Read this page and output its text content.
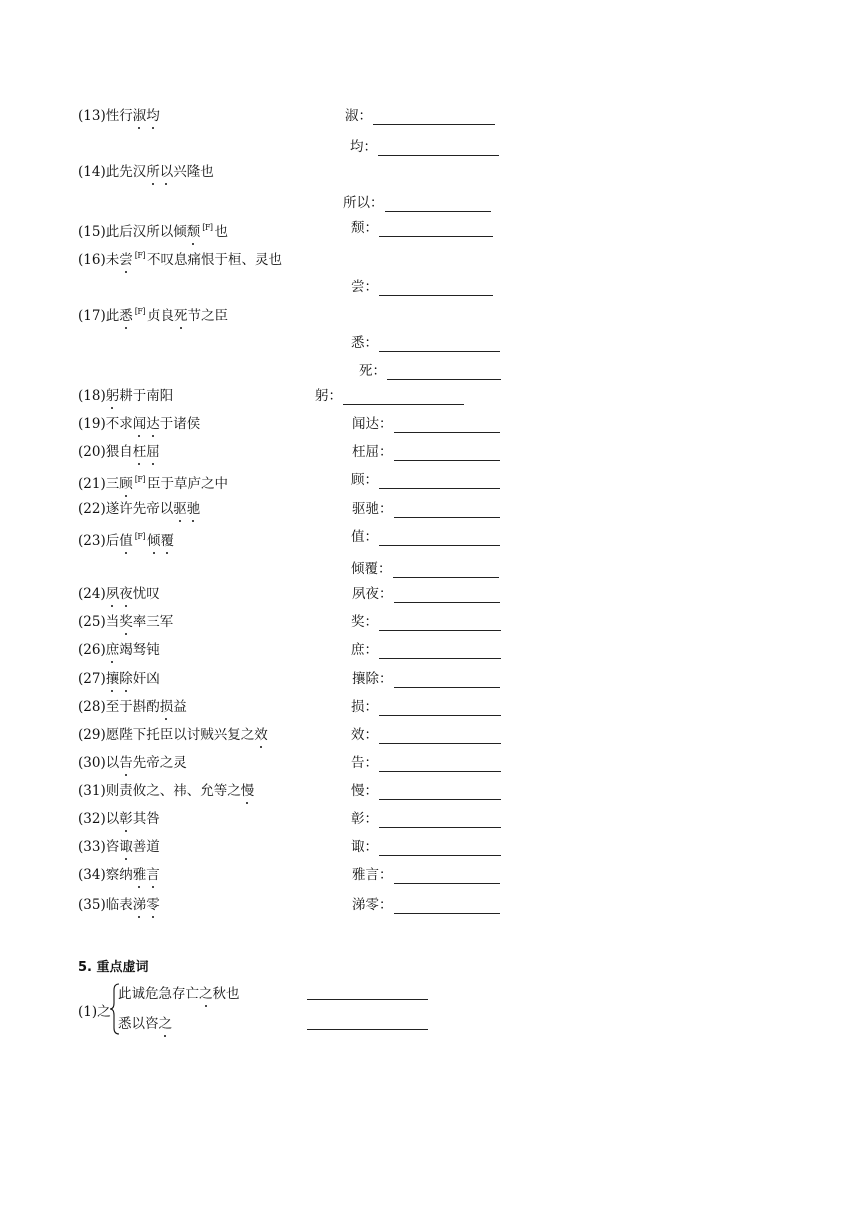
(13)性行淑均
(14)此先汉所以兴隆也
(15)此后汉所以倾颓 [F] 也
(16)未尝 [F] 不叹息痛恨于桓、灵也
(17)此悉 [F] 贞良死节之臣
(18)躬耕于南阳
(19)不求闻达于诸侯
(20)猥自枉屈
(21)三顾 [F] 臣于草庐之中
(22)遂许先帝以驱驰
(23)后值 [F] 倾覆
(24)夙夜忧叹
(25)当奖率三军
(26)庶竭驽钝
(27)攘除奸凶
(28)至于斟酌损益
(29)愿陛下托臣以讨贼兴复之效
(30)以告先帝之灵
(31)则责攸之、祎、允等之慢
(32)以彰其咎
(33)咨诹善道
(34)察纳雅言
(35)临表涕零
淑：
均：
所以：
颓：
尝：
悉：
死：
躬：
闻达：
枉屈：
顾：
驱驰：
值：
倾覆：
夙夜：
奖：
庶：
攘除：
损：
效：
告：
慢：
彰：
诹：
雅言：
涕零：
5. 重点虚词
(1)之
此诚危急存亡之秋也
悉以咨之
